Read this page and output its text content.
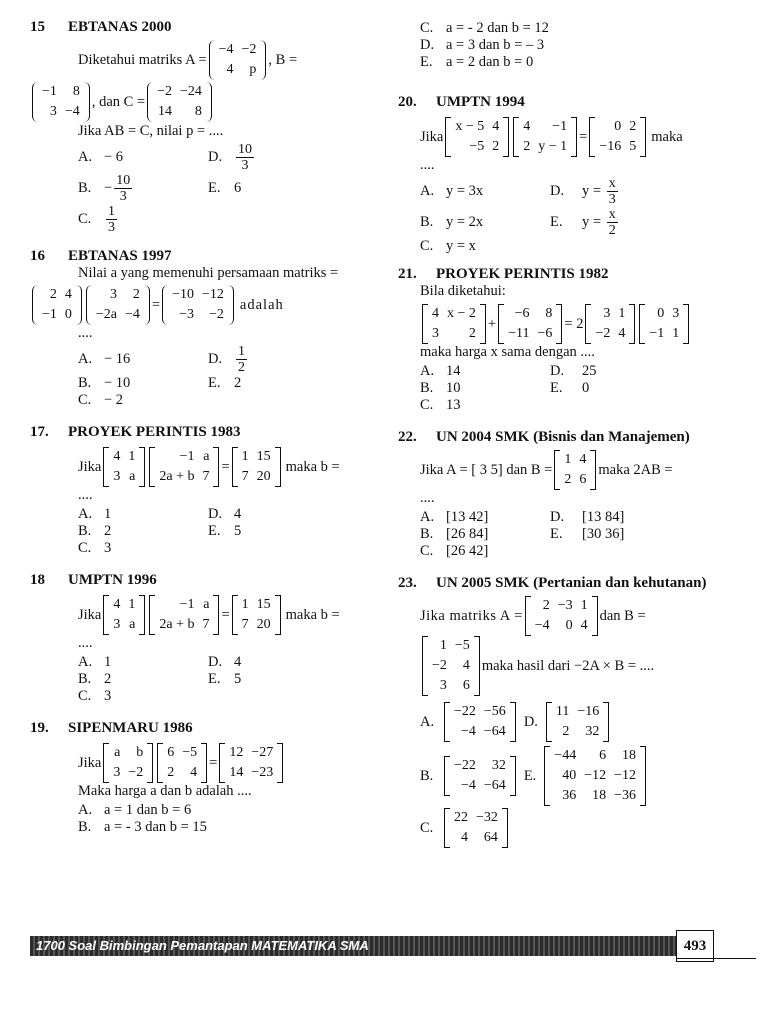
15	EBTANAS 2000
Diketahui matriks A =
−4	−2
4	p
, B =
−1	8
3	−4
, dan C =
−2	−24
14	8
Jika AB = C, nilai p = ....
A.	− 6	D.	$\frac{10}{3}$

B.	− $\frac{10}{3}$	E.	6
C.	$\frac{1}{3}$

16	EBTANAS 1997
Nilai a yang memenuhi persamaan matriks =
2	4
−1	0
3	2
−2a	−4
=
−10	−12
−3	−2
adalah
....
A.	− 16	D.	$\frac{1}{2}$

B.	− 10	E.	2
C.	− 2		
17.	PROYEK PERINTIS 1983
Jika
4	1
3	a
−1	a
2a + b	7
=
1	15
7	20
maka b =
....
A.	1	D.	4
B.	2	E.	5
C.	3		
18	UMPTN 1996
Jika
4	1
3	a
−1	a
2a + b	7
=
1	15
7	20
maka b =
....
A.	1	D.	4
B.	2	E.	5
C.	3		
19.	SIPENMARU 1986
Jika
a	b
3	−2
6	−5
2	4
=
12	−27
14	−23
Maka harga a dan b adalah ....
A.	a = 1 dan b = 6
B.	a = - 3 dan b = 15
C.	a = - 2 dan b = 12
D.	a = 3 dan b = – 3
E.	a = 2 dan b = 0
20.	UMPTN 1994
Jika
x − 5	4
−5	2
4	−1
2	y − 1
=
0	2
−16	5
maka
....
A.	y = 3x	D.	$y = \frac{x}{3}$

B.	y = 2x	E.	$y = \frac{x}{2}$

C.	y = x		
21.	PROYEK PERINTIS 1982
Bila diketahui:
4	x − 2
3	2
+
−6	8
−11	−6
= 2
3	1
−2	4
0	3
−1	1
maka harga x sama dengan ....
A.	14	D.	25
B.	10	E.	0
C.	13		
22.	UN 2004 SMK (Bisnis dan Manajemen)
Jika A = [ 3 5] dan B =
1	4
2	6
maka 2AB =
....
A.	[13 42]	D.	[13 84]
B.	[26 84]	E.	[30 36]
C.	[26 42]		
23.	UN 2005 SMK (Pertanian dan kehutanan)
Jika matriks A =
2	−3	1
−4	0	4
dan B =
1	−5
−2	4
3	6
maka hasil dari −2A × B = ....
A.
−22	−56
−4	−64
D.
11	−16
2	32
B.
−22	32
−4	−64
E.
−44	6	18
40	−12	−12
36	18	−36
C.
22	−32
4	64
1700 Soal Bimbingan Pemantapan MATEMATIKA SMA	493
